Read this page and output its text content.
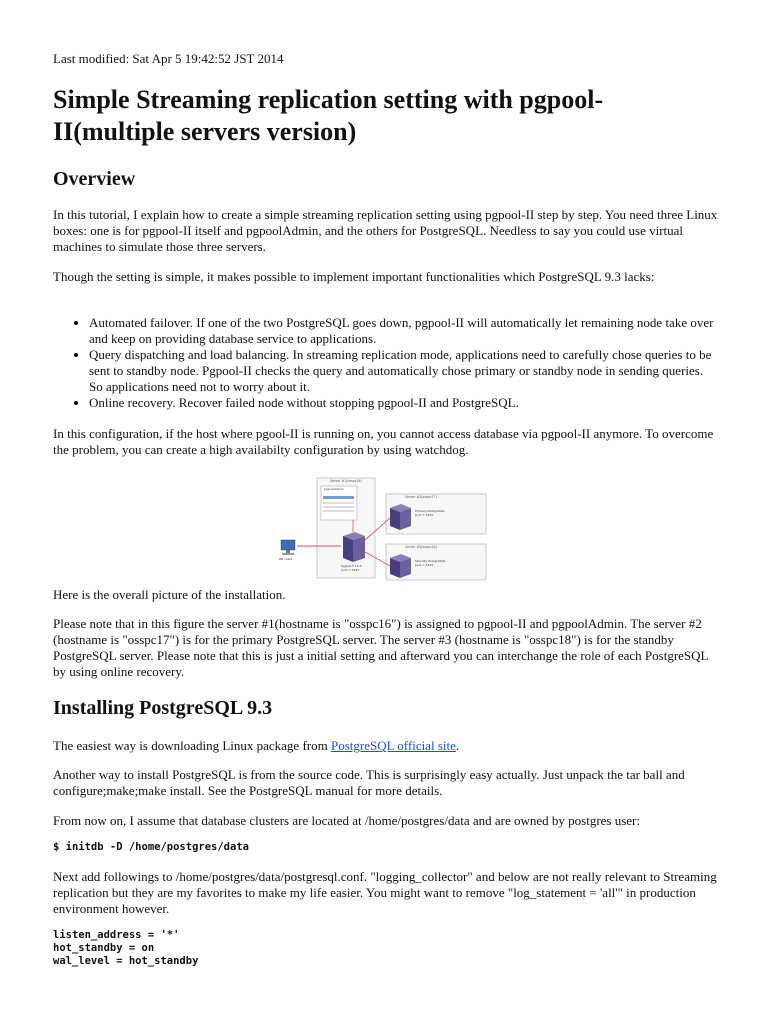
Last modified: Sat Apr 5 19:42:52 JST 2014
Simple Streaming replication setting with pgpool-II(multiple servers version)
Overview

In this tutorial, I explain how to create a simple streaming replication setting using pgpool-II step by step. You need three Linux boxes: one is for pgpool-II itself and pgpoolAdmin, and the others for PostgreSQL. Needless to say you could use virtual machines to simulate those three servers.

Though the setting is simple, it makes possible to implement important functionalities which PostgreSQL 9.3 lacks:

• Automated failover. If one of the two PostgreSQL goes down, pgpool-II will automatically let remaining node take over and keep on providing database service to applications.
• Query dispatching and load balancing. In streaming replication mode, applications need to carefully chose queries to be sent to standby node. Pgpool-II checks the query and automatically chose primary or standby node in sending queries. So applications need not to worry about it.
• Online recovery. Recover failed node without stopping pgpool-II and PostgreSQL.

In this configuration, if the host where pgool-II is running on, you cannot access database via pgpool-II anymore. To overcome the problem, you can create a high availabilty configuration by using watchdog.

Server #1(osspc16)
pgpoolAdmin
Pgpool-II 10.5
port = 5432
Server #2(osspc17)
Primary PostgreSQL
port = 5432
Server #3(osspc18)
Standby PostgreSQL
port = 5432
DB client

Here is the overall picture of the installation.

Please note that in this figure the server #1(hostname is "osspc16") is assigned to pgpool-II and pgpoolAdmin. The server #2 (hostname is "osspc17") is for the primary PostgreSQL server. The server #3 (hostname is "osspc18") is for the standby PostgreSQL server. Please note that this is just a initial setting and afterward you can interchange the role of each PostgreSQL by using online recovery.

Installing PostgreSQL 9.3

The easiest way is downloading Linux package from PostgreSQL official site.

Another way to install PostgreSQL is from the source code. This is surprisingly easy actually. Just unpack the tar ball and configure;make;make install. See the PostgreSQL manual for more details.

From now on, I assume that database clusters are located at /home/postgres/data and are owned by postgres user:

$ initdb -D /home/postgres/data

Next add followings to /home/postgres/data/postgresql.conf. "logging_collector" and below are not really relevant to Streaming replication but they are my favorites to make my life easier. You might want to remove "log_statement = 'all'" in production environment however.

listen_address = '*'
hot_standby = on
wal_level = hot_standby
